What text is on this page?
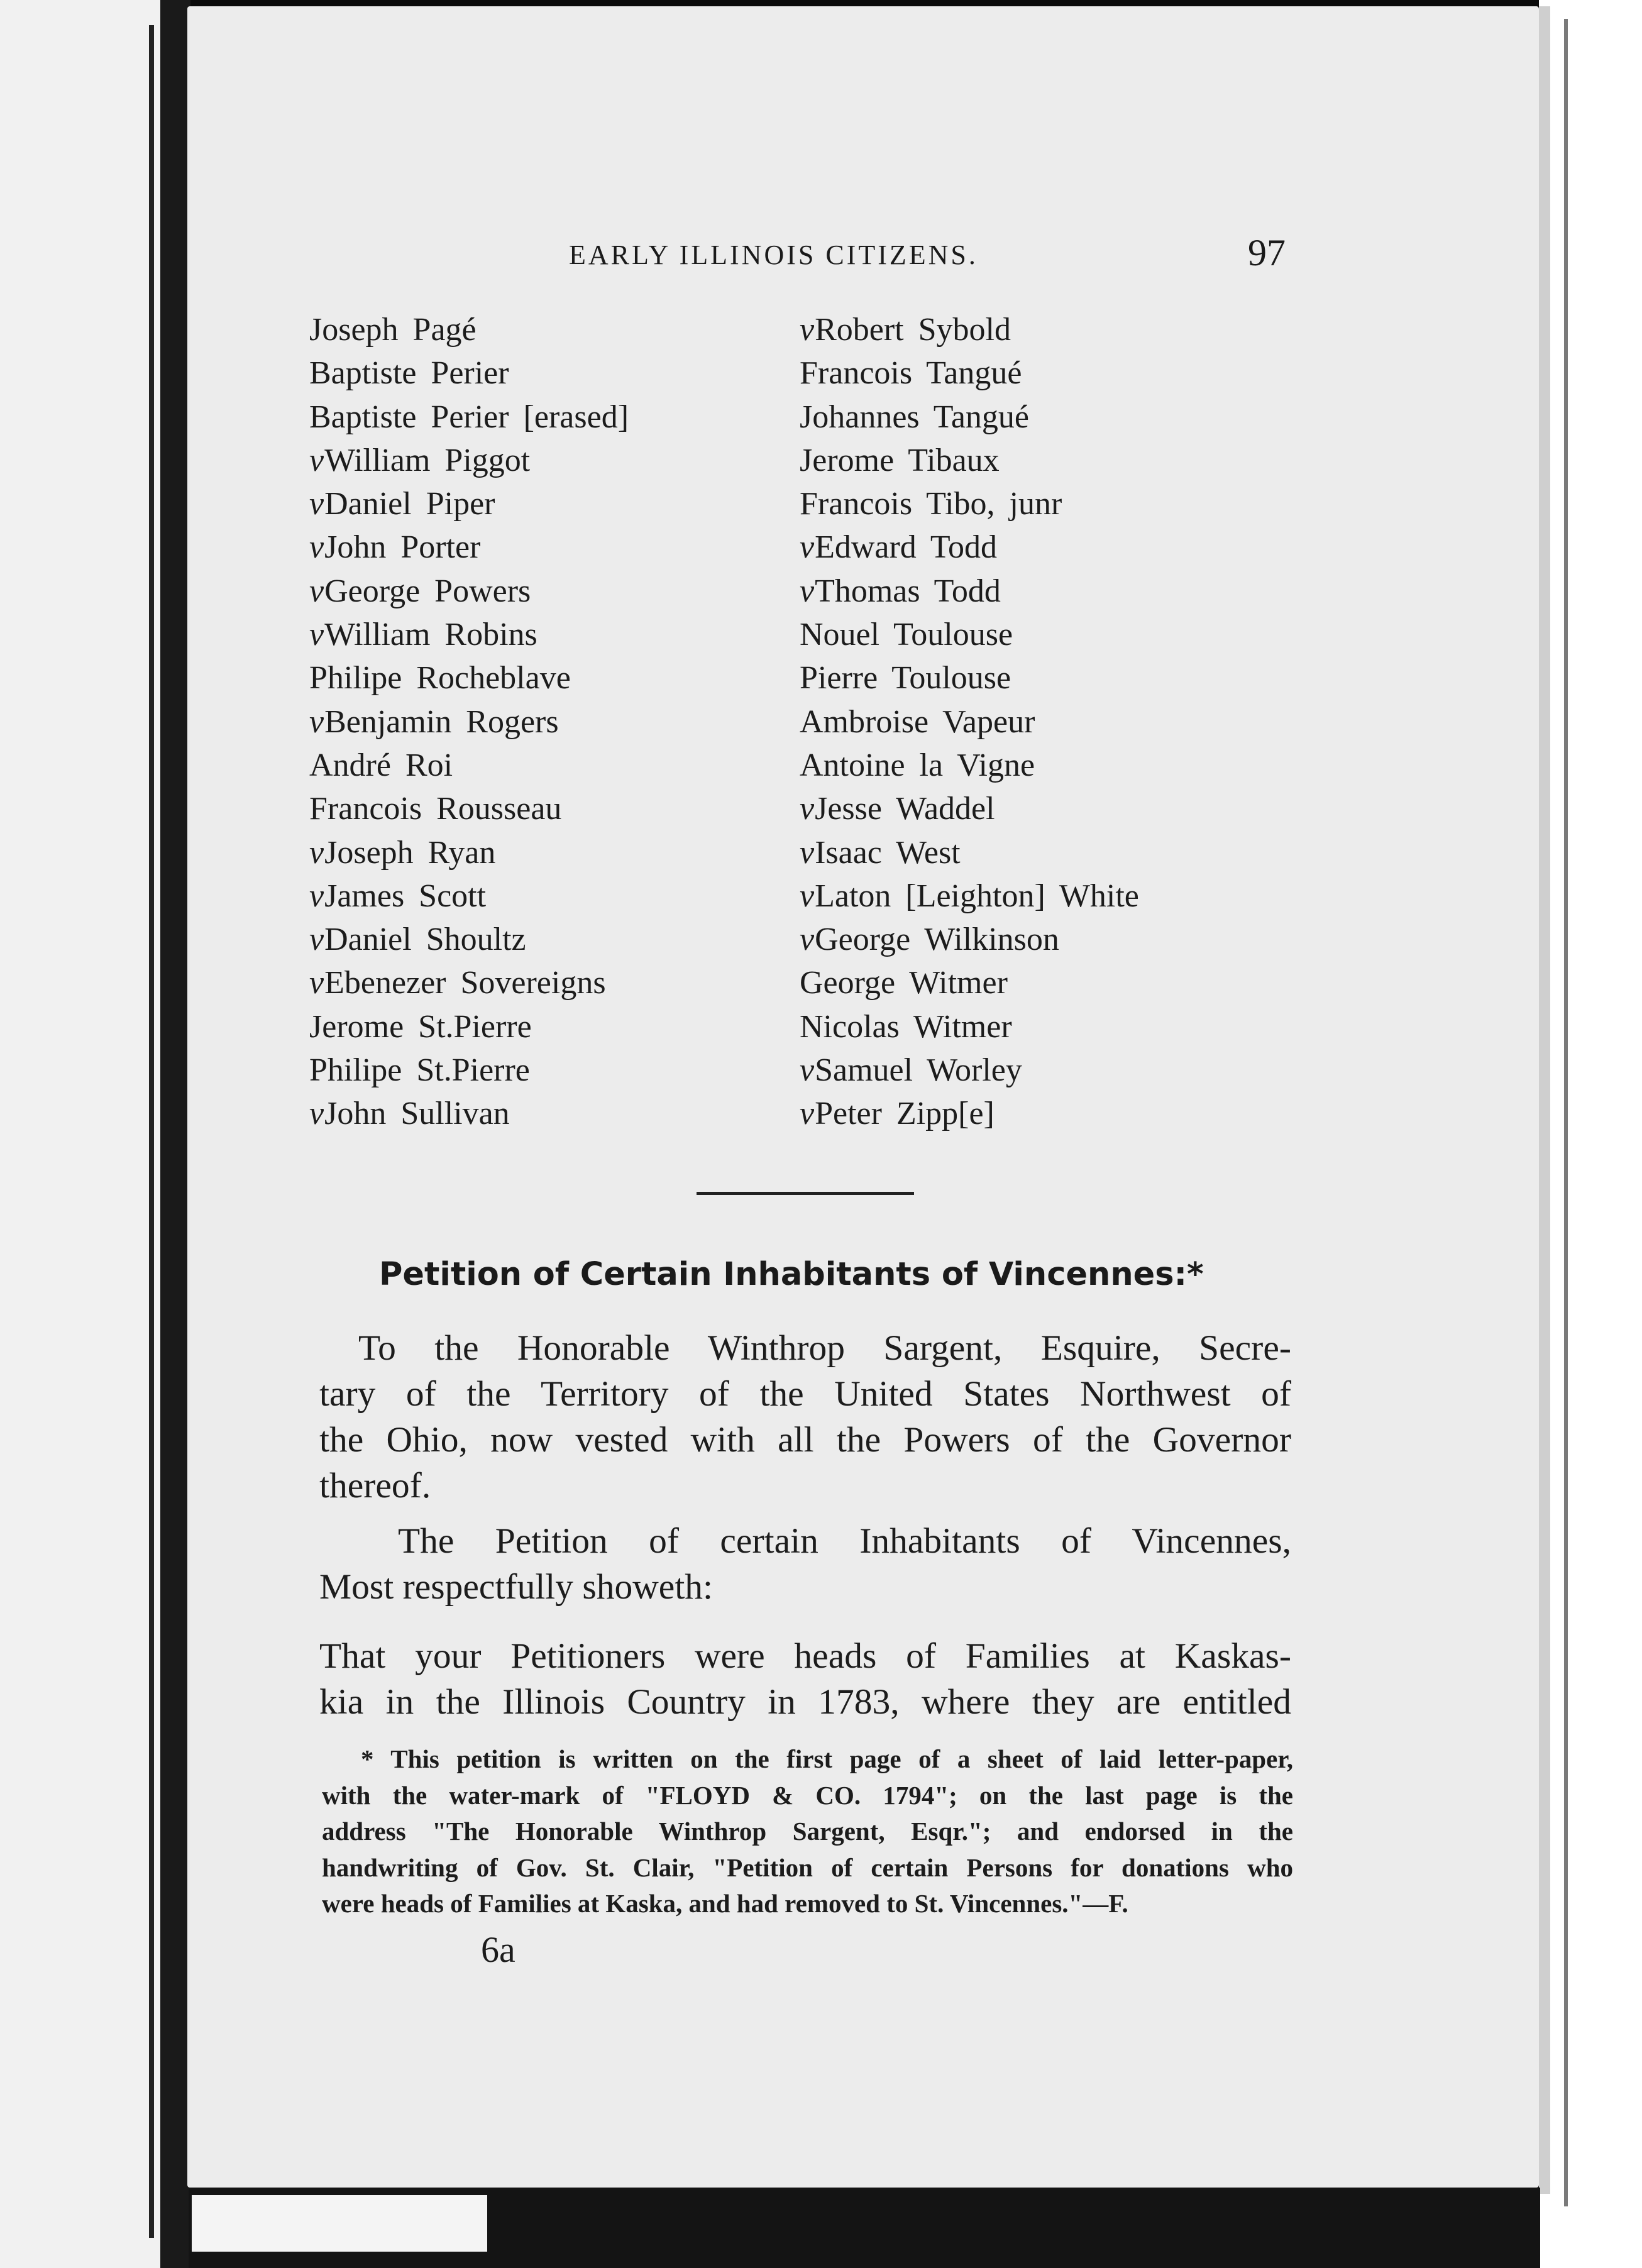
EARLY ILLINOIS CITIZENS.	97
Joseph Pagé
Baptiste Perier
Baptiste Perier [erased]
vWilliam Piggot
vDaniel Piper
vJohn Porter
vGeorge Powers
vWilliam Robins
Philipe Rocheblave
vBenjamin Rogers
André Roi
Francois Rousseau
vJoseph Ryan
vJames Scott
vDaniel Shoultz
vEbenezer Sovereigns
Jerome St.Pierre
Philipe St.Pierre
vJohn Sullivan
vRobert Sybold
Francois Tangué
Johannes Tangué
Jerome Tibaux
Francois Tibo, junr
vEdward Todd
vThomas Todd
Nouel Toulouse
Pierre Toulouse
Ambroise Vapeur
Antoine la Vigne
vJesse Waddel
vIsaac West
vLaton [Leighton] White
vGeorge Wilkinson
George Witmer
Nicolas Witmer
vSamuel Worley
vPeter Zipp[e]
Petition of Certain Inhabitants of Vincennes:*
To the Honorable Winthrop Sargent, Esquire, Secre-
tary of the Territory of the United States Northwest of
the Ohio, now vested with all the Powers of the Governor
thereof.
The Petition of certain Inhabitants of Vincennes,
Most respectfully showeth:
That your Petitioners were heads of Families at Kaskas-
kia in the Illinois Country in 1783, where they are entitled
* This petition is written on the first page of a sheet of laid letter-paper,
with the water-mark of "FLOYD & CO. 1794"; on the last page is the
address "The Honorable Winthrop Sargent, Esqr."; and endorsed in the
handwriting of Gov. St. Clair, "Petition of certain Persons for donations who
were heads of Families at Kaska, and had removed to St. Vincennes."—F.
6a
